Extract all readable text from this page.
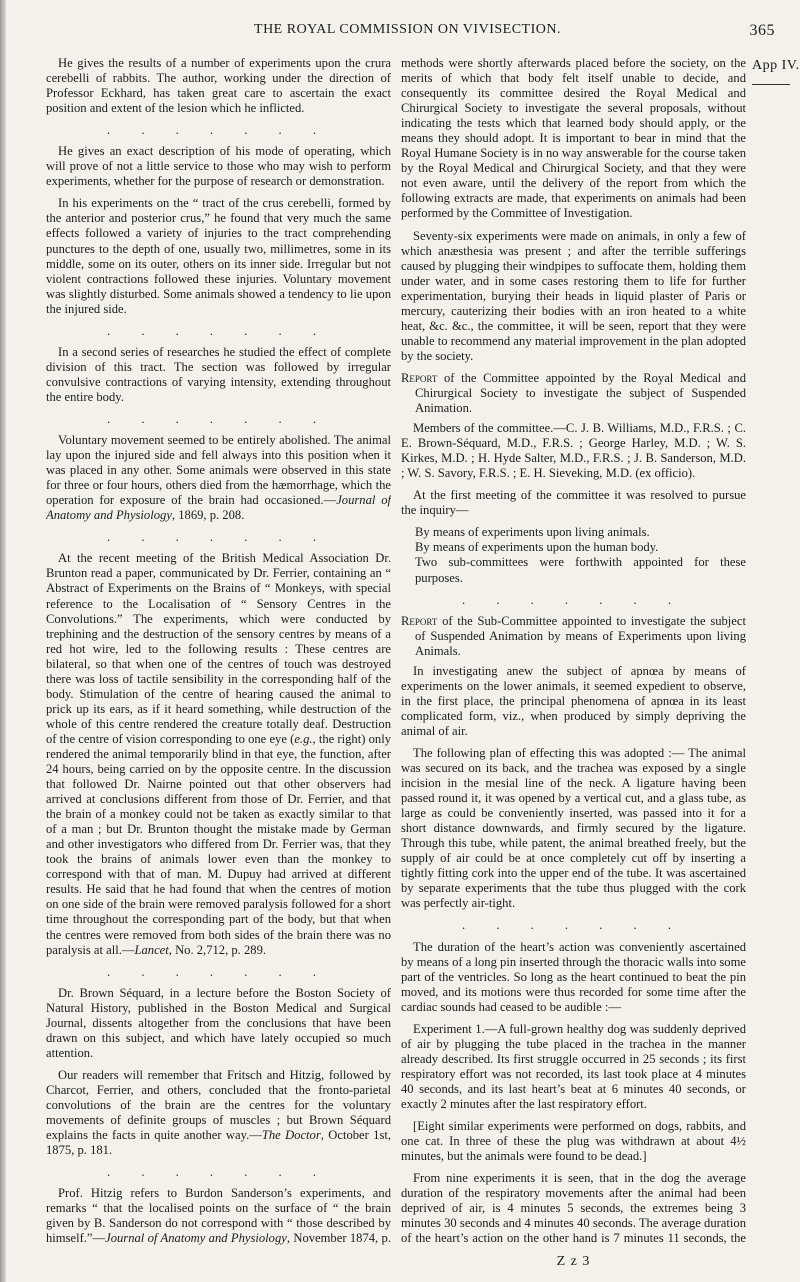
THE ROYAL COMMISSION ON VIVISECTION.	365
App IV.

He gives the results of a number of experiments upon the crura cerebelli of rabbits. The author, working under the direction of Professor Eckhard, has taken great care to ascertain the exact position and extent of the lesion which he inflicted.

. . . . . . .

He gives an exact description of his mode of operating, which will prove of not a little service to those who may wish to perform experiments, whether for the purpose of research or demonstration.

In his experiments on the “ tract of the crus cerebelli, formed by the anterior and posterior crus,” he found that very much the same effects followed a variety of injuries to the tract comprehending punctures to the depth of one, usually two, millimetres, some in its middle, some on its outer, others on its inner side. Irregular but not violent contractions followed these injuries. Voluntary movement was slightly disturbed. Some animals showed a tendency to lie upon the injured side.

. . . . . . .

In a second series of researches he studied the effect of complete division of this tract. The section was followed by irregular convulsive contractions of varying intensity, extending throughout the entire body.

. . . . . . .

Voluntary movement seemed to be entirely abolished. The animal lay upon the injured side and fell always into this position when it was placed in any other. Some animals were observed in this state for three or four hours, others died from the hæmorrhage, which the operation for exposure of the brain had occasioned.—Journal of Anatomy and Physiology, 1869, p. 208.

. . . . . . .

At the recent meeting of the British Medical Association Dr. Brunton read a paper, communicated by Dr. Ferrier, containing an “ Abstract of Experiments on the Brains of “ Monkeys, with special reference to the Localisation of “ Sensory Centres in the Convolutions.” The experiments, which were conducted by trephining and the destruction of the sensory centres by means of a red hot wire, led to the following results : These centres are bilateral, so that when one of the centres of touch was destroyed there was loss of tactile sensibility in the corresponding half of the body. Stimulation of the centre of hearing caused the animal to prick up its ears, as if it heard something, while destruction of the whole of this centre rendered the creature totally deaf. Destruction of the centre of vision corresponding to one eye (e.g., the right) only rendered the animal temporarily blind in that eye, the function, after 24 hours, being carried on by the opposite centre. In the discussion that followed Dr. Nairne pointed out that other observers had arrived at conclusions different from those of Dr. Ferrier, and that the brain of a monkey could not be taken as exactly similar to that of a man ; but Dr. Brunton thought the mistake made by German and other investigators who differed from Dr. Ferrier was, that they took the brains of animals lower even than the monkey to correspond with that of man. M. Dupuy had arrived at different results. He said that he had found that when the centres of motion on one side of the brain were removed paralysis followed for a short time throughout the corresponding part of the body, but that when the centres were removed from both sides of the brain there was no paralysis at all.—Lancet, No. 2,712, p. 289.

. . . . . . .

Dr. Brown Séquard, in a lecture before the Boston Society of Natural History, published in the Boston Medical and Surgical Journal, dissents altogether from the conclusions that have been drawn on this subject, and which have lately occupied so much attention.

Our readers will remember that Fritsch and Hitzig, followed by Charcot, Ferrier, and others, concluded that the fronto-parietal convolutions of the brain are the centres for the voluntary movements of definite groups of muscles ; but Brown Séquard explains the facts in quite another way.—The Doctor, October 1st, 1875, p. 181.

. . . . . . .

Prof. Hitzig refers to Burdon Sanderson’s experiments, and remarks “ that the localised points on the surface of “ the brain given by B. Sanderson do not correspond with “ those described by himself.”—Journal of Anatomy and Physiology, November 1874, p.

methods were shortly afterwards placed before the society, on the merits of which that body felt itself unable to decide, and consequently its committee desired the Royal Medical and Chirurgical Society to investigate the several proposals, without indicating the tests which that learned body should apply, or the means they should adopt. It is important to bear in mind that the Royal Humane Society is in no way answerable for the course taken by the Royal Medical and Chirurgical Society, and that they were not even aware, until the delivery of the report from which the following extracts are made, that experiments on animals had been performed by the Committee of Investigation.

Seventy-six experiments were made on animals, in only a few of which anæsthesia was present ; and after the terrible sufferings caused by plugging their windpipes to suffocate them, holding them under water, and in some cases restoring them to life for further experimentation, burying their heads in liquid plaster of Paris or mercury, cauterizing their bodies with an iron heated to a white heat, &c. &c., the committee, it will be seen, report that they were unable to recommend any material improvement in the plan adopted by the society.

Report of the Committee appointed by the Royal Medical and Chirurgical Society to investigate the subject of Suspended Animation.

Members of the committee.—C. J. B. Williams, M.D., F.R.S. ; C. E. Brown-Séquard, M.D., F.R.S. ; George Harley, M.D. ; W. S. Kirkes, M.D. ; H. Hyde Salter, M.D., F.R.S. ; J. B. Sanderson, M.D. ; W. S. Savory, F.R.S. ; E. H. Sieveking, M.D. (ex officio).

At the first meeting of the committee it was resolved to pursue the inquiry—

By means of experiments upon living animals.

By means of experiments upon the human body.

Two sub-committees were forthwith appointed for these purposes.

. . . . . . .

Report of the Sub-Committee appointed to investigate the subject of Suspended Animation by means of Experiments upon living Animals.

In investigating anew the subject of apnœa by means of experiments on the lower animals, it seemed expedient to observe, in the first place, the principal phenomena of apnœa in its least complicated form, viz., when produced by simply depriving the animal of air.

The following plan of effecting this was adopted :— The animal was secured on its back, and the trachea was exposed by a single incision in the mesial line of the neck. A ligature having been passed round it, it was opened by a vertical cut, and a glass tube, as large as could be conveniently inserted, was passed into it for a short distance downwards, and firmly secured by the ligature. Through this tube, while patent, the animal breathed freely, but the supply of air could be at once completely cut off by inserting a tightly fitting cork into the upper end of the tube. It was ascertained by separate experiments that the tube thus plugged with the cork was perfectly air-tight.

. . . . . . .

The duration of the heart’s action was conveniently ascertained by means of a long pin inserted through the thoracic walls into some part of the ventricles. So long as the heart continued to beat the pin moved, and its motions were thus recorded for some time after the cardiac sounds had ceased to be audible :—

Experiment 1.—A full-grown healthy dog was suddenly deprived of air by plugging the tube placed in the trachea in the manner already described. Its first struggle occurred in 25 seconds ; its first respiratory effort was not recorded, its last took place at 4 minutes 40 seconds, and its last heart’s beat at 6 minutes 40 seconds, or exactly 2 minutes after the last respiratory effort.

[Eight similar experiments were performed on dogs, rabbits, and one cat. In three of these the plug was withdrawn at about 4½ minutes, but the animals were found to be dead.]

From nine experiments it is seen, that in the dog the average duration of the respiratory movements after the animal had been deprived of air, is 4 minutes 5 seconds, the extremes being 3 minutes 30 seconds and 4 minutes 40 seconds. The average duration of the heart’s action on the other hand is 7 minutes 11 seconds, the

Z z 3
